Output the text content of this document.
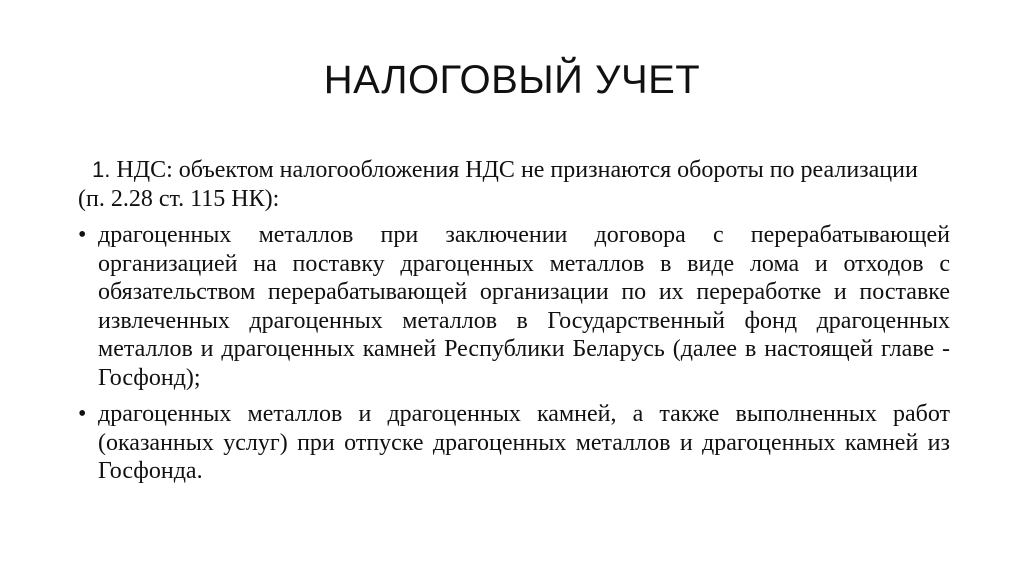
НАЛОГОВЫЙ УЧЕТ

1. НДС: объектом налогообложения НДС не признаются обороты по реализации (п. 2.28 ст. 115 НК):

• драгоценных металлов при заключении договора с перерабатывающей организацией на поставку драгоценных металлов в виде лома и отходов с обязательством перерабатывающей организации по их переработке и поставке извлеченных драгоценных металлов в Государственный фонд драгоценных металлов и драгоценных камней Республики Беларусь (далее в настоящей главе - Госфонд);
• драгоценных металлов и драгоценных камней, а также выполненных работ (оказанных услуг) при отпуске драгоценных металлов и драгоценных камней из Госфонда.
